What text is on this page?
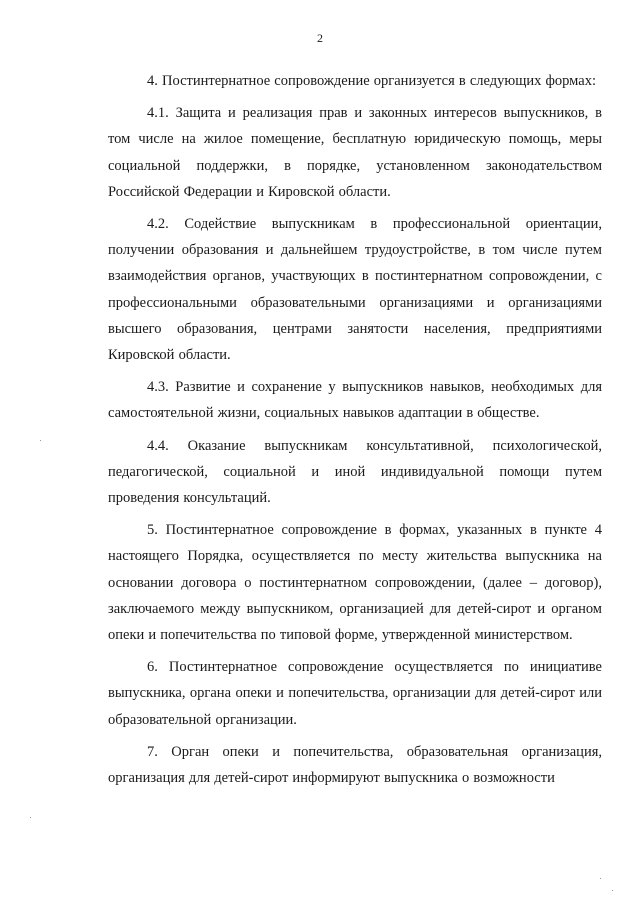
2

4. Постинтернатное сопровождение организуется в следующих формах:

4.1. Защита и реализация прав и законных интересов выпускников, в том числе на жилое помещение, бесплатную юридическую помощь, меры социальной поддержки, в порядке, установленном законодательством Российской Федерации и Кировской области.

4.2. Содействие выпускникам в профессиональной ориентации, получении образования и дальнейшем трудоустройстве, в том числе путем взаимодействия органов, участвующих в постинтернатном сопровождении, с профессиональными образовательными организациями и организациями высшего образования, центрами занятости населения, предприятиями Кировской области.

4.3. Развитие и сохранение у выпускников навыков, необходимых для самостоятельной жизни, социальных навыков адаптации в обществе.

4.4. Оказание выпускникам консультативной, психологической, педагогической, социальной и иной индивидуальной помощи путем проведения консультаций.

5. Постинтернатное сопровождение в формах, указанных в пункте 4 настоящего Порядка, осуществляется по месту жительства выпускника на основании договора о постинтернатном сопровождении, (далее – договор), заключаемого между выпускником, организацией для детей-сирот и органом опеки и попечительства по типовой форме, утвержденной министерством.

6. Постинтернатное сопровождение осуществляется по инициативе выпускника, органа опеки и попечительства, организации для детей-сирот или образовательной организации.

7. Орган опеки и попечительства, образовательная организация, организация для детей-сирот информируют выпускника о возможности
